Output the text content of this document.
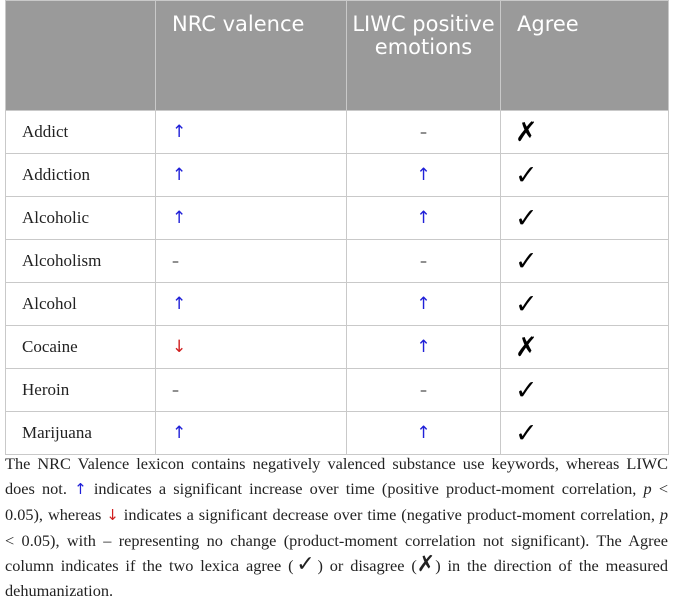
	NRC valence	LIWC positive emotions	Agree
Addict	↑	–	✗
Addiction	↑	↑	✓
Alcoholic	↑	↑	✓
Alcoholism	–	–	✓
Alcohol	↑	↑	✓
Cocaine	↓	↑	✗
Heroin	–	–	✓
Marijuana	↑	↑	✓
The NRC Valence lexicon contains negatively valenced substance use keywords, whereas LIWC does not. ↑ indicates a significant increase over time (positive product-moment correlation, p < 0.05), whereas ↓ indicates a significant decrease over time (negative product-moment correlation, p < 0.05), with – representing no change (product-moment correlation not significant). The Agree column indicates if the two lexica agree (✓) or disagree (✗) in the direction of the measured dehumanization.
